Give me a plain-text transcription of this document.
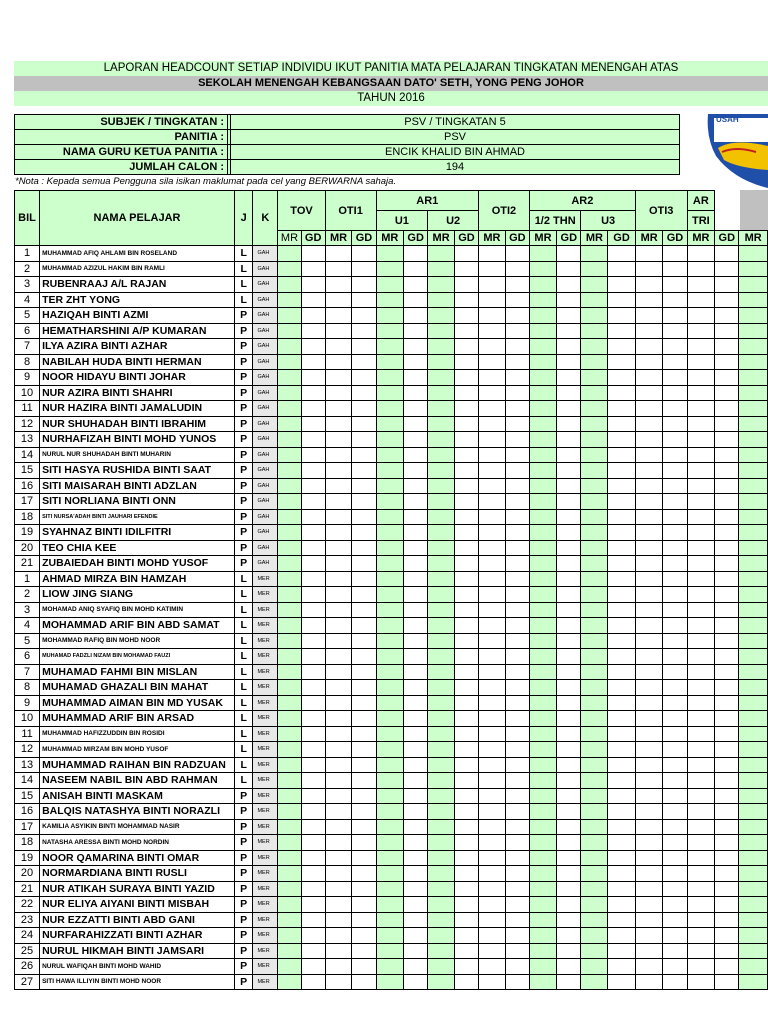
LAPORAN HEADCOUNT SETIAP INDIVIDU IKUT PANITIA MATA PELAJARAN TINGKATAN MENENGAH ATAS
SEKOLAH MENENGAH KEBANGSAAN DATO' SETH, YONG PENG JOHOR
TAHUN 2016
USAH
SUBJEK / TINGKATAN :		PSV / TINGKATAN 5
PANITIA :		PSV
NAMA GURU KETUA PANITIA :		ENCIK KHALID BIN AHMAD
JUMLAH CALON :		194
*Nota : Kepada semua Pengguna sila isikan maklumat pada cel yang BERWARNA sahaja.
BIL	NAMA PELAJAR	J	K	TOV		OTI1		AR1				OTI2		AR2				OTI3		AR		
								U1		U2				1/2 THN		U3				TRI		
				MR	GD	MR	GD	MR	GD	MR	GD	MR	GD	MR	GD	MR	GD	MR	GD	MR	GD	MR
1	MUHAMMAD AFIQ AHLAMI BIN ROSELAND	L	GAH																			
2	MUHAMMAD AZIZUL HAKIM BIN RAMLI	L	GAH																			
3	RUBENRAAJ A/L RAJAN	L	GAH																			
4	TER ZHT YONG	L	GAH																			
5	HAZIQAH BINTI AZMI	P	GAH																			
6	HEMATHARSHINI A/P KUMARAN	P	GAH																			
7	ILYA AZIRA BINTI AZHAR	P	GAH																			
8	NABILAH HUDA BINTI HERMAN	P	GAH																			
9	NOOR HIDAYU BINTI JOHAR	P	GAH																			
10	NUR AZIRA BINTI SHAHRI	P	GAH																			
11	NUR HAZIRA BINTI JAMALUDIN	P	GAH																			
12	NUR SHUHADAH BINTI IBRAHIM	P	GAH																			
13	NURHAFIZAH BINTI MOHD YUNOS	P	GAH																			
14	NURUL NUR SHUHADAH BINTI MUHARIN	P	GAH																			
15	SITI HASYA RUSHIDA BINTI SAAT	P	GAH																			
16	SITI MAISARAH BINTI ADZLAN	P	GAH																			
17	SITI NORLIANA BINTI ONN	P	GAH																			
18	SITI NURSA'ADAH BINTI JAUHARI EFENDIE	P	GAH																			
19	SYAHNAZ BINTI IDILFITRI	P	GAH																			
20	TEO CHIA KEE	P	GAH																			
21	ZUBAIEDAH BINTI MOHD YUSOF	P	GAH																			
1	AHMAD MIRZA BIN HAMZAH	L	MER																			
2	LIOW JING SIANG	L	MER																			
3	MOHAMAD ANIQ SYAFIQ BIN MOHD KATIMIN	L	MER																			
4	MOHAMMAD ARIF BIN ABD SAMAT	L	MER																			
5	MOHAMMAD RAFIQ BIN MOHD NOOR	L	MER																			
6	MUHAMAD FADZLI NIZAM BIN MOHAMAD FAUZI	L	MER																			
7	MUHAMAD FAHMI BIN MISLAN	L	MER																			
8	MUHAMAD GHAZALI BIN MAHAT	L	MER																			
9	MUHAMMAD AIMAN BIN MD YUSAK	L	MER																			
10	MUHAMMAD ARIF BIN ARSAD	L	MER																			
11	MUHAMMAD HAFIZZUDDIN BIN ROSIDI	L	MER																			
12	MUHAMMAD MIRZAM BIN MOHD YUSOF	L	MER																			
13	MUHAMMAD RAIHAN BIN RADZUAN	L	MER																			
14	NASEEM NABIL BIN ABD RAHMAN	L	MER																			
15	ANISAH BINTI MASKAM	P	MER																			
16	BALQIS NATASHYA BINTI NORAZLI	P	MER																			
17	KAMILIA ASYIKIN BINTI MOHAMMAD NASIR	P	MER																			
18	NATASHA ARESSA BINTI MOHD NORDIN	P	MER																			
19	NOOR QAMARINA BINTI OMAR	P	MER																			
20	NORMARDIANA BINTI RUSLI	P	MER																			
21	NUR ATIKAH SURAYA BINTI YAZID	P	MER																			
22	NUR ELIYA AIYANI BINTI MISBAH	P	MER																			
23	NUR EZZATTI BINTI ABD GANI	P	MER																			
24	NURFARAHIZZATI BINTI AZHAR	P	MER																			
25	NURUL HIKMAH BINTI JAMSARI	P	MER																			
26	NURUL WAFIQAH BINTI MOHD WAHID	P	MER																			
27	SITI HAWA ILLIYIN BINTI MOHD NOOR	P	MER																			
